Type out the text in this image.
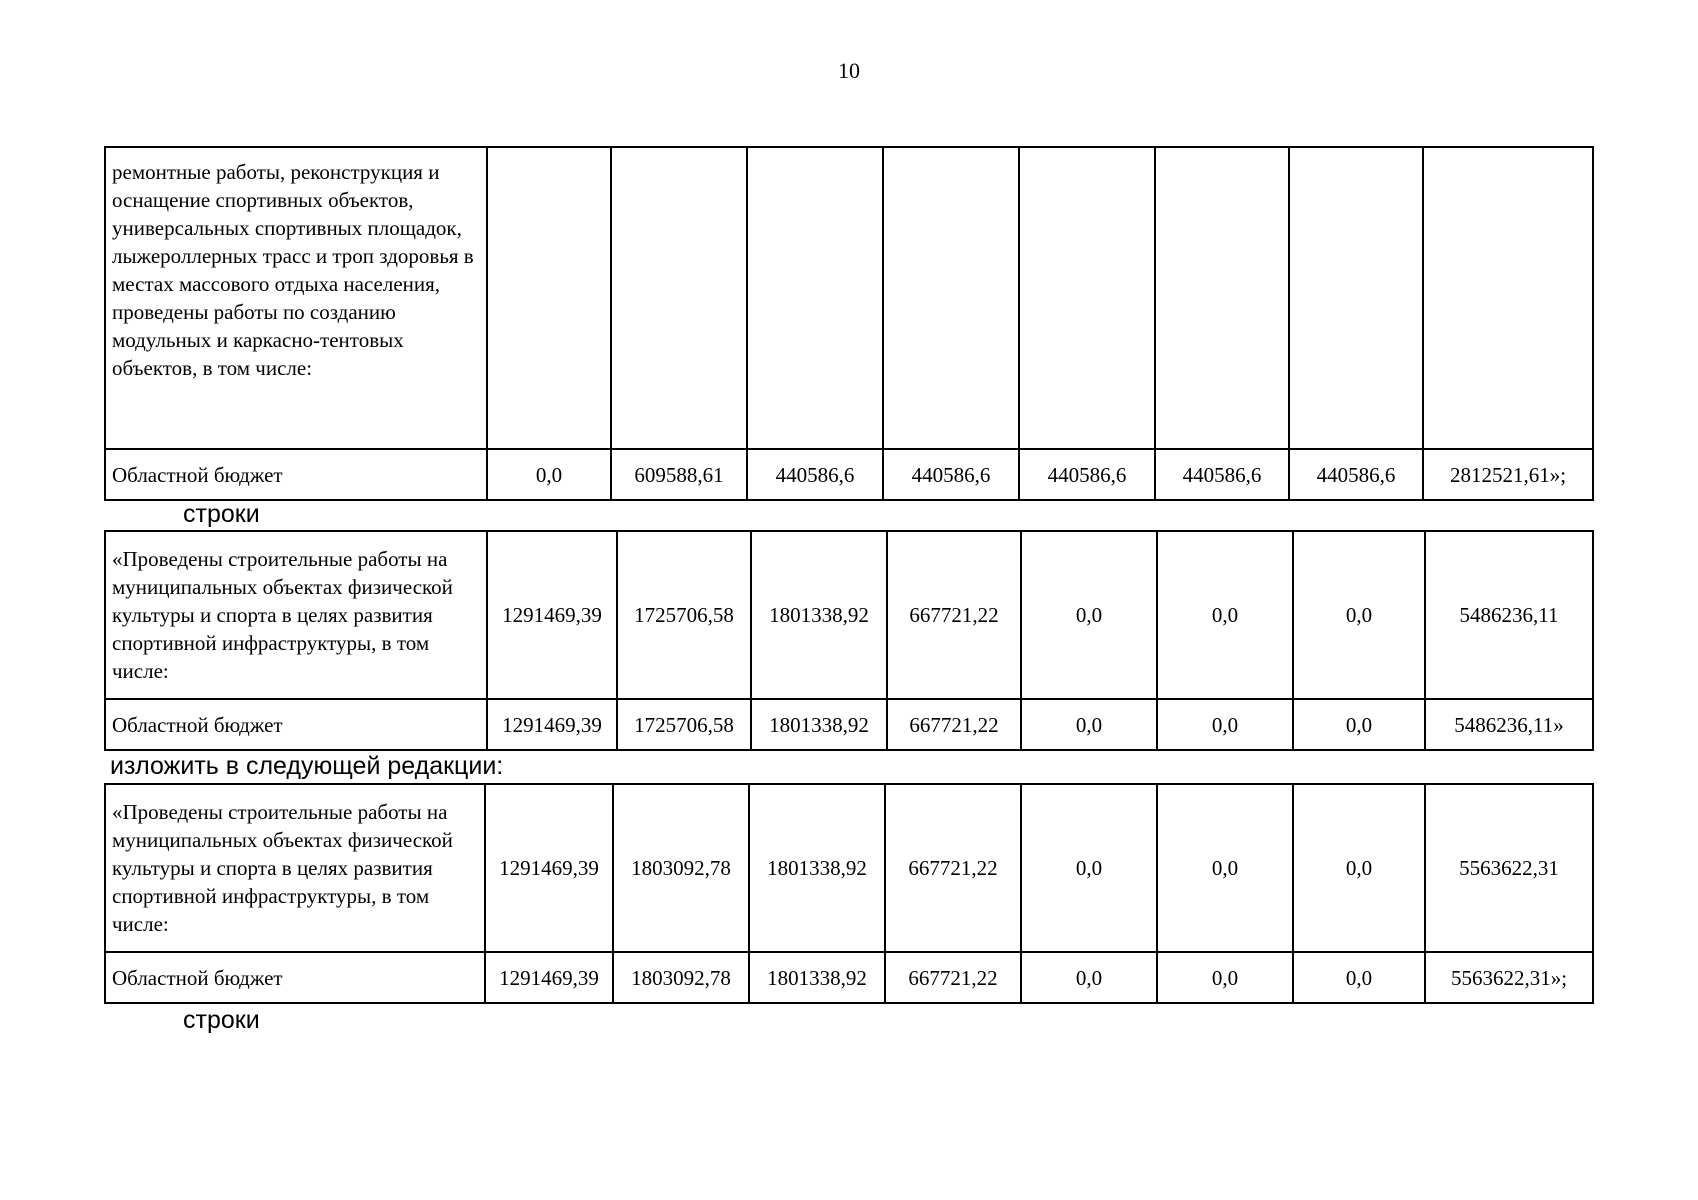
10
ремонтные работы, реконструкция и оснащение спортивных объектов, универсальных спортивных площадок, лыжероллерных трасс и троп здоровья в местах массового отдыха населения, проведены работы по созданию модульных и каркасно-тентовых объектов, в том числе:								
Областной бюджет	0,0	609588,61	440586,6	440586,6	440586,6	440586,6	440586,6	2812521,61»;
строки
«Проведены строительные работы на муниципальных объектах физической культуры и спорта в целях развития спортивной инфраструктуры, в том числе:	1291469,39	1725706,58	1801338,92	667721,22	0,0	0,0	0,0	5486236,11
Областной бюджет	1291469,39	1725706,58	1801338,92	667721,22	0,0	0,0	0,0	5486236,11»
изложить в следующей редакции:
«Проведены строительные работы на муниципальных объектах физической культуры и спорта в целях развития спортивной инфраструктуры, в том числе:	1291469,39	1803092,78	1801338,92	667721,22	0,0	0,0	0,0	5563622,31
Областной бюджет	1291469,39	1803092,78	1801338,92	667721,22	0,0	0,0	0,0	5563622,31»;
строки
